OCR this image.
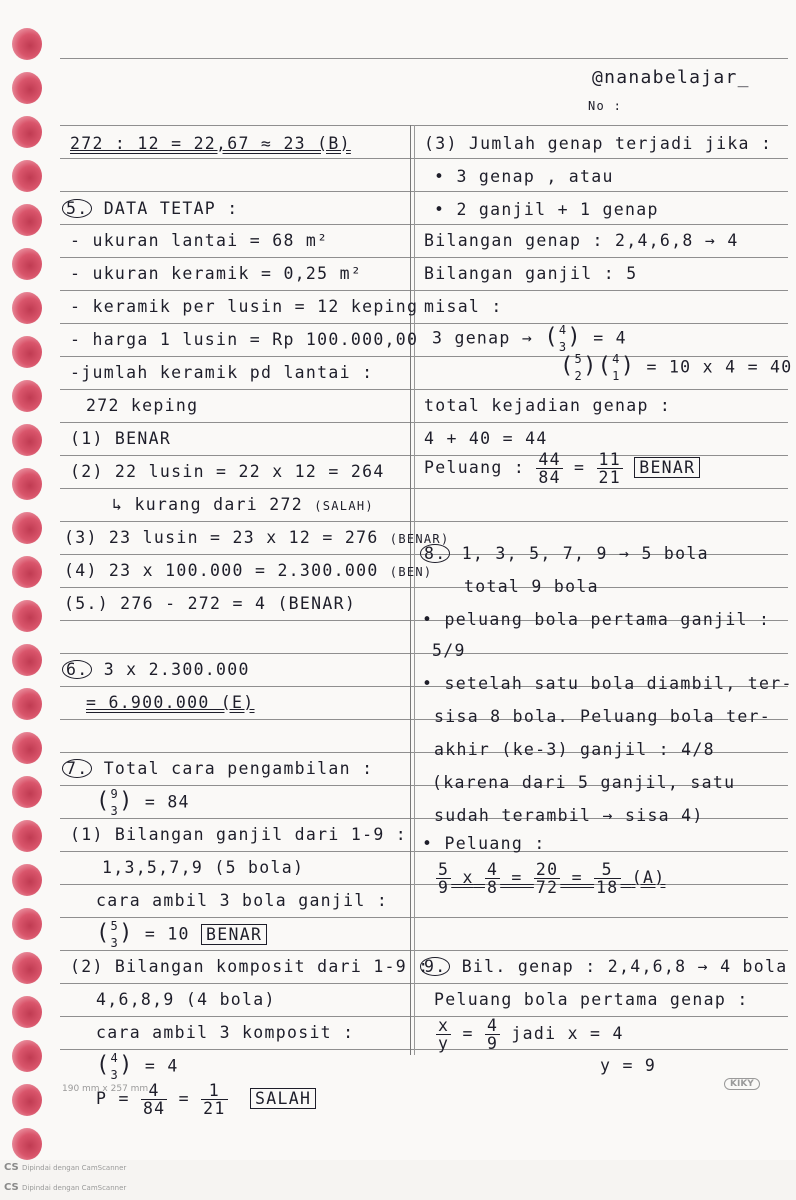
@nanabelajar_
No :
272 : 12 = 22,67 ≈ 23 (B)
5. DATA TETAP :
- ukuran lantai = 68 m²
- ukuran keramik = 0,25 m²
- keramik per lusin = 12 keping
- harga 1 lusin = Rp 100.000,00
-jumlah keramik pd lantai :
272 keping
(1) BENAR
(2) 22 lusin = 22 x 12 = 264
↳ kurang dari 272 (SALAH)
(3) 23 lusin = 23 x 12 = 276 (BENAR)
(4) 23 x 100.000 = 2.300.000 (BEN)
(5.) 276 - 272 = 4 (BENAR)
6. 3 x 2.300.000
= 6.900.000 (E)
7. Total cara pengambilan :
( 9
3 ) = 84
(1) Bilangan ganjil dari 1-9 :
1,3,5,7,9 (5 bola)
cara ambil 3 bola ganjil :
( 5
3 ) = 10 BENAR
(2) Bilangan komposit dari 1-9 :
4,6,8,9 (4 bola)
cara ambil 3 komposit :
( 4
3 ) = 4
$P = \frac{4}{84} = \frac{1}{21}$ SALAH
(3) Jumlah genap terjadi jika :
• 3 genap , atau
• 2 ganjil + 1 genap
Bilangan genap : 2,4,6,8 → 4
Bilangan ganjil : 5
misal :
3 genap → ( 4
3 ) = 4
( 5
2 )( 4
1 ) = 10 x 4 = 40
total kejadian genap :
4 + 40 = 44
Peluang : $\frac{44}{84} = \frac{11}{21}$ BENAR
8. 1, 3, 5, 7, 9 → 5 bola
total 9 bola
• peluang bola pertama ganjil :
5/9
• setelah satu bola diambil, ter-
sisa 8 bola. Peluang bola ter-
akhir (ke-3) ganjil : 4/8
(karena dari 5 ganjil, satu
sudah terambil → sisa 4)
• Peluang :
$\frac{5}{9}$ x $\frac{4}{8} = \frac{20}{72} = \frac{5}{18} (A)$
9. Bil. genap : 2,4,6,8 → 4 bola
Peluang bola pertama genap :
$\frac{x}{y} = \frac{4}{9}$ jadi x = 4
y = 9
190 mm x 257 mm	KIKY
CS Dipindai dengan CamScanner
CS Dipindai dengan CamScanner
